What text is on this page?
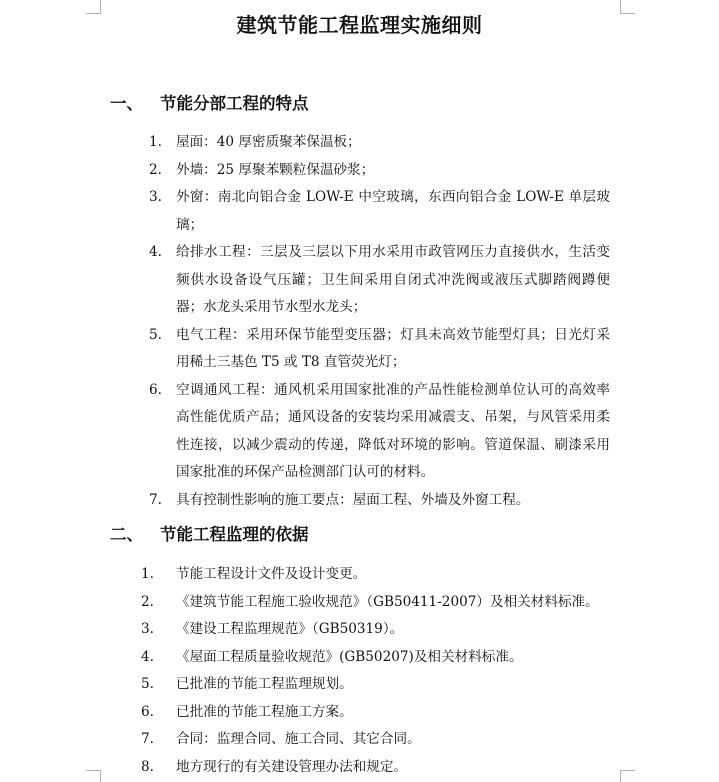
建筑节能工程监理实施细则
一、 节能分部工程的特点
1. 屋面：40 厚密质聚苯保温板；
2. 外墙：25 厚聚苯颗粒保温砂浆；
3. 外窗：南北向铝合金 LOW-E 中空玻璃，东西向铝合金 LOW-E 单层玻璃；
4. 给排水工程：三层及三层以下用水采用市政管网压力直接供水，生活变频供水设备设气压罐；卫生间采用自闭式冲洗阀或液压式脚踏阀蹲便器；水龙头采用节水型水龙头；
5. 电气工程：采用环保节能型变压器；灯具未高效节能型灯具；日光灯采用稀土三基色 T5 或 T8 直管荧光灯；
6. 空调通风工程：通风机采用国家批准的产品性能检测单位认可的高效率高性能优质产品；通风设备的安装均采用减震支、吊架，与风管采用柔性连接，以减少震动的传递，降低对环境的影响。管道保温、刷漆采用国家批准的环保产品检测部门认可的材料。
7. 具有控制性影响的施工要点：屋面工程、外墙及外窗工程。
二、 节能工程监理的依据
1. 节能工程设计文件及设计变更。
2. 《建筑节能工程施工验收规范》（GB50411-2007）及相关材料标准。
3. 《建设工程监理规范》（GB50319）。
4. 《屋面工程质量验收规范》(GB50207)及相关材料标准。
5. 已批准的节能工程监理规划。
6. 已批准的节能工程施工方案。
7. 合同：监理合同、施工合同、其它合同。
8. 地方现行的有关建设管理办法和规定。
